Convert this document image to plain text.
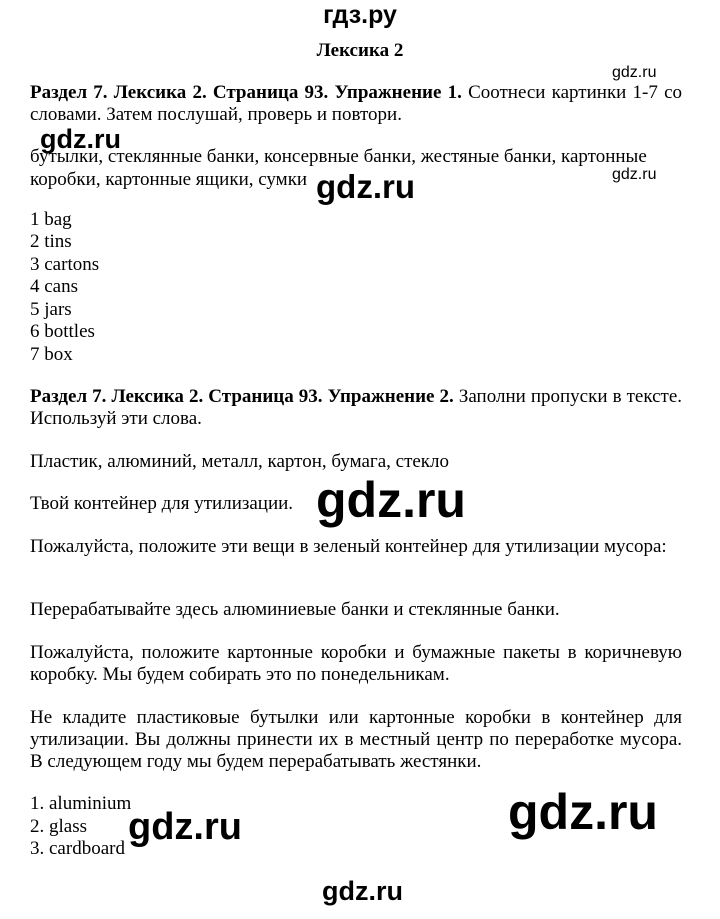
гдз.ру
Лексика 2
gdz.ru
Раздел 7. Лексика 2. Страница 93. Упражнение 1. Соотнеси картинки 1-7 со словами. Затем послушай, проверь и повтори.
gdz.ru
бутылки, стеклянные банки, консервные банки, жестяные банки, картонные
коробки, картонные ящики, сумки	gdz.ru
gdz.ru
1 bag
2 tins
3 cartons
4 cans
5 jars
6 bottles
7 box
Раздел 7. Лексика 2. Страница 93. Упражнение 2. Заполни пропуски в тексте. Используй эти слова.
Пластик, алюминий, металл, картон, бумага, стекло
Твой контейнер для утилизации. gdz.ru
Пожалуйста, положите эти вещи в зеленый контейнер для утилизации мусора:
Перерабатывайте здесь алюминиевые банки и стеклянные банки.
Пожалуйста, положите картонные коробки и бумажные пакеты в коричневую коробку. Мы будем собирать это по понедельникам.
Не кладите пластиковые бутылки или картонные коробки в контейнер для утилизации. Вы должны принести их в местный центр по переработке мусора. В следующем году мы будем перерабатывать жестянки.
1. aluminium
2. glass
3. cardboard
gdz.ru	gdz.ru
gdz.ru
